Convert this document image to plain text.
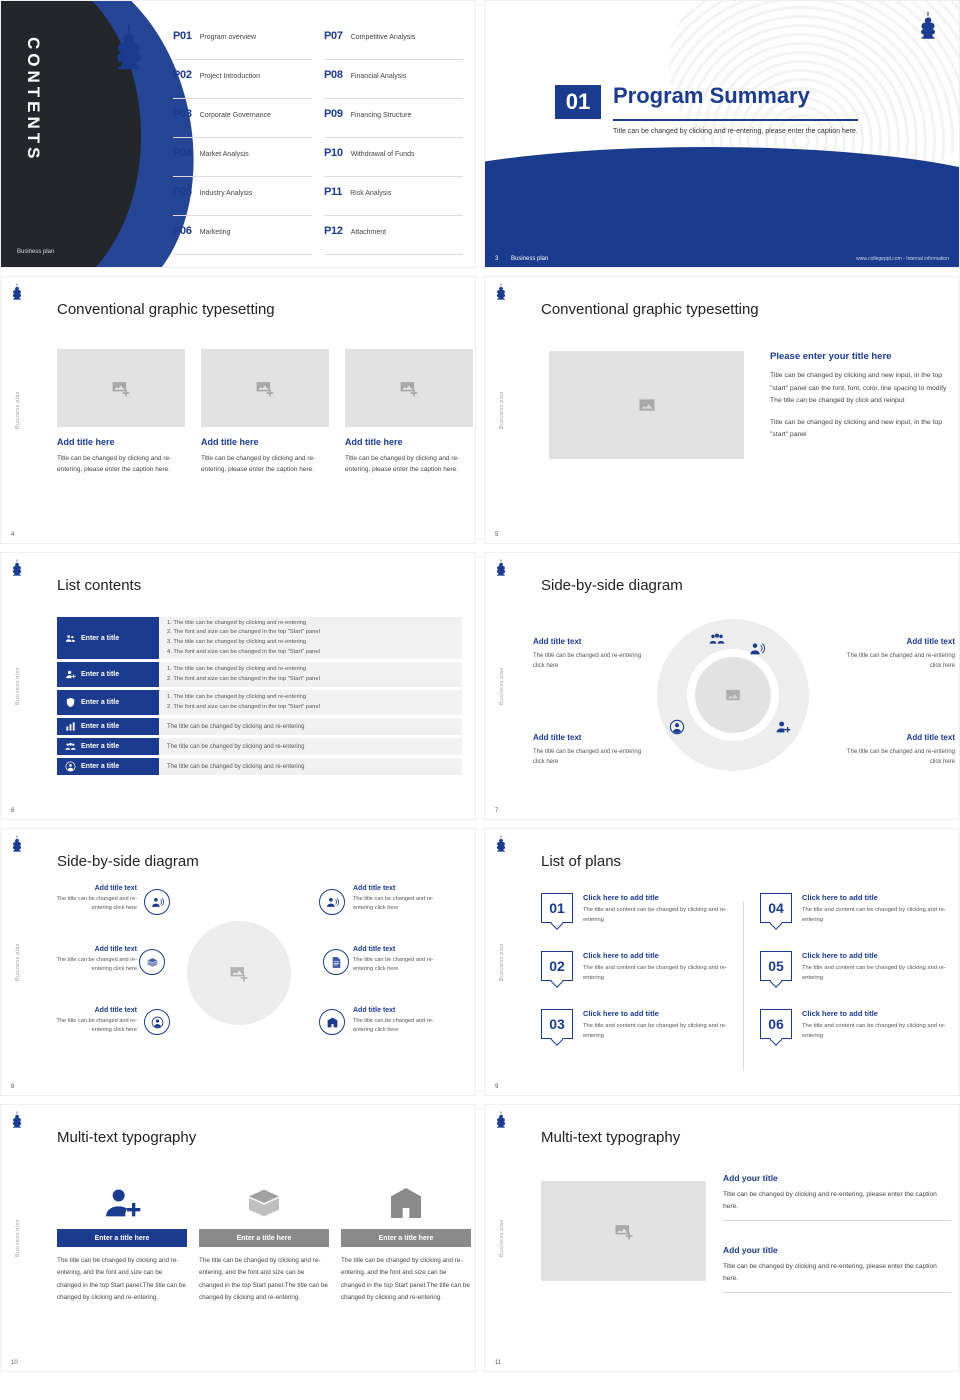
CONTENTS
Business plan
P01 Program overview	P07 Competitive Analysis
P02 Project Introduction	P08 Financial Analysis
P03 Corporate Governance	P09 Financing Structure
P04 Market Analysis	P10 Withdrawal of Funds
P05 Industry Analysis	P11 Risk Analysis
P06 Marketing	P12 Attachment
01	Program Summary
Title can be changed by clicking and re-entering, please enter the caption here.
3 Business plan	www.collegeppt.com - Internal information
Conventional graphic typesetting
Business plan
Add title here

Title can be changed by clicking and re-entering, please enter the caption here.

Add title here

Title can be changed by clicking and re-entering, please enter the caption here.

Add title here

Title can be changed by clicking and re-entering, please enter the caption here.

4
Conventional graphic typesetting
Business plan
Please enter your title here

Title can be changed by clicking and new input, in the top "start" panel can the font, font, color, line spacing to modify The title can be changed by click and reinput

Title can be changed by clicking and new input, in the top "start" panel

5
List contents
Business plan
Enter a title
1. The title can be changed by clicking and re-entering
2. The font and size can be changed in the top "Start" panel
3. The title can be changed by clicking and re-entering
4. The font and size can be changed in the top "Start" panel
Enter a title
1. The title can be changed by clicking and re-entering
2. The font and size can be changed in the top "Start" panel
Enter a title
1. The title can be changed by clicking and re-entering
2. The font and size can be changed in the top "Start" panel
Enter a title	The title can be changed by clicking and re-entering
Enter a title	The title can be changed by clicking and re-entering
Enter a title	The title can be changed by clicking and re-entering
6
Side-by-side diagram
Business plan
Add title text

The title can be changed and re-entering click here

Add title text

The title can be changed and re-entering click here

Add title text

The title can be changed and re-entering click here

Add title text

The title can be changed and re-entering click here

7
Side-by-side diagram
Business plan
Add title text

The title can be changed and re-entering click here

Add title text

The title can be changed and re-entering click here

Add title text

The title can be changed and re-entering click here

Add title text

The title can be changed and re-entering click here

Add title text

The title can be changed and re-entering click here

Add title text

The title can be changed and re-entering click here

8
List of plans
Business plan
01
Click here to add title

The title and content can be changed by clicking and re-entering

04
Click here to add title

The title and content can be changed by clicking and re-entering

02
Click here to add title

The title and content can be changed by clicking and re-entering

05
Click here to add title

The title and content can be changed by clicking and re-entering

03
Click here to add title

The title and content can be changed by clicking and re-entering

06
Click here to add title

The title and content can be changed by clicking and re-entering

9
Multi-text typography
Business plan	Enter a title here

The title can be changed by clicking and re-entering, and the font and size can be changed in the top Start panel.The title can be changed by clicking and re-entering.

Enter a title here

The title can be changed by clicking and re-entering, and the font and size can be changed in the top Start panel.The title can be changed by clicking and re-entering.

Enter a title here

The title can be changed by clicking and re-entering, and the font and size can be changed in the top Start panel.The title can be changed by clicking and re-entering.

10
Multi-text typography
Business plan
Add your title

Title can be changed by clicking and re-entering, please enter the caption here.

Add your title

Title can be changed by clicking and re-entering, please enter the caption here.

11
